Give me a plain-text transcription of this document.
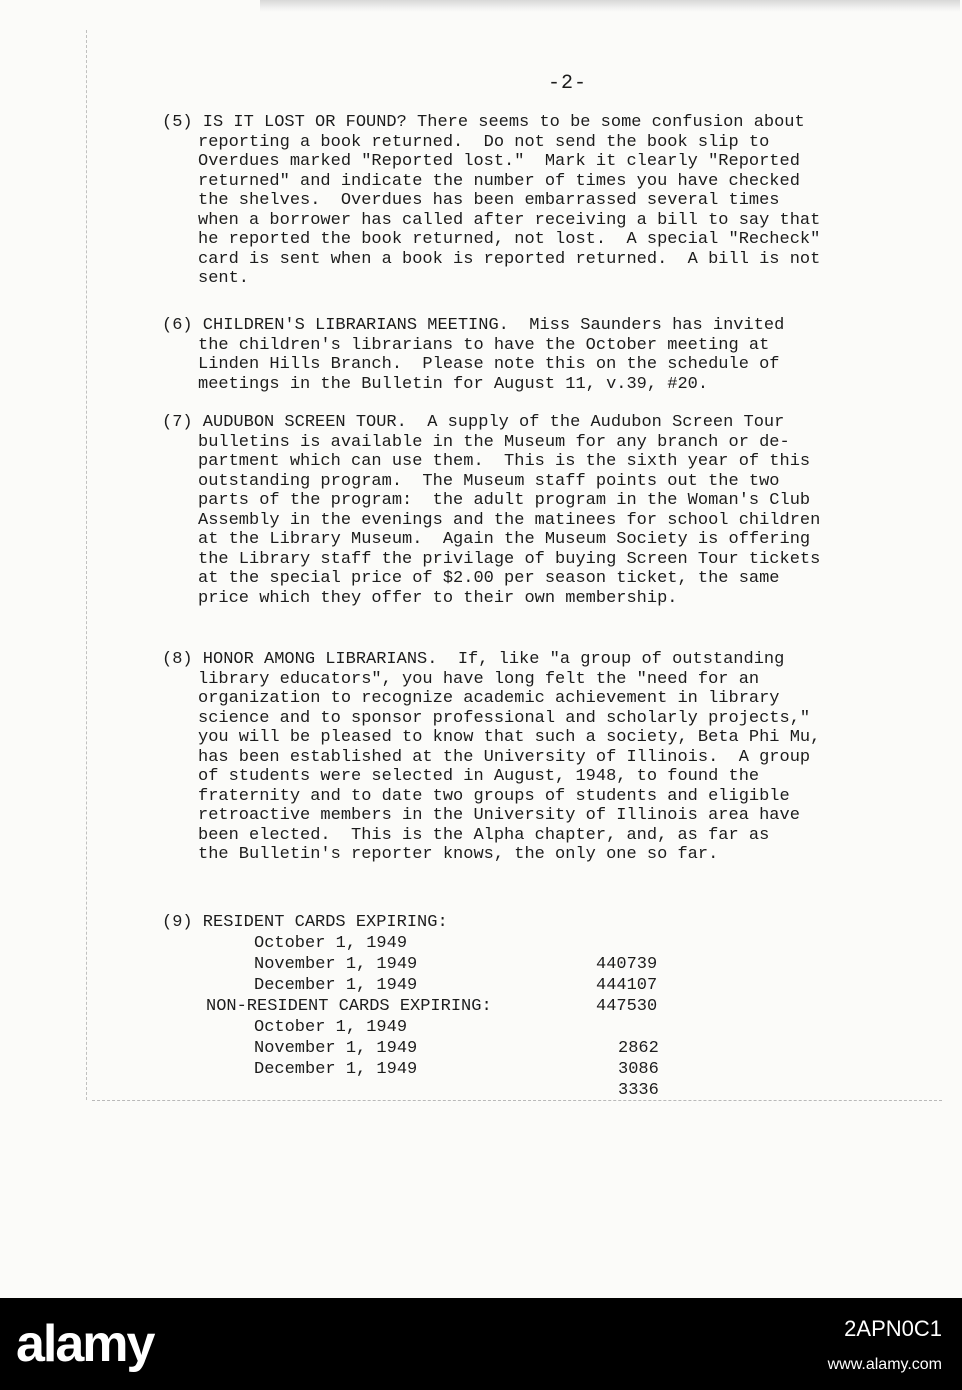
-2-
(5) IS IT LOST OR FOUND? There seems to be some confusion about
reporting a book returned.  Do not send the book slip to
Overdues marked "Reported lost."  Mark it clearly "Reported
returned" and indicate the number of times you have checked
the shelves.  Overdues has been embarrassed several times
when a borrower has called after receiving a bill to say that
he reported the book returned, not lost.  A special "Recheck"
card is sent when a book is reported returned.  A bill is not
sent.
(6) CHILDREN'S LIBRARIANS MEETING.  Miss Saunders has invited
the children's librarians to have the October meeting at
Linden Hills Branch.  Please note this on the schedule of
meetings in the Bulletin for August 11, v.39, #20.
(7) AUDUBON SCREEN TOUR.  A supply of the Audubon Screen Tour
bulletins is available in the Museum for any branch or de-
partment which can use them.  This is the sixth year of this
outstanding program.  The Museum staff points out the two
parts of the program:  the adult program in the Woman's Club
Assembly in the evenings and the matinees for school children
at the Library Museum.  Again the Museum Society is offering
the Library staff the privilage of buying Screen Tour tickets
at the special price of $2.00 per season ticket, the same
price which they offer to their own membership.
(8) HONOR AMONG LIBRARIANS.  If, like "a group of outstanding
library educators", you have long felt the "need for an
organization to recognize academic achievement in library
science and to sponsor professional and scholarly projects,"
you will be pleased to know that such a society, Beta Phi Mu,
has been established at the University of Illinois.  A group
of students were selected in August, 1948, to found the
fraternity and to date two groups of students and eligible
retroactive members in the University of Illinois area have
been elected.  This is the Alpha chapter, and, as far as
the Bulletin's reporter knows, the only one so far.

(9) RESIDENT CARDS EXPIRING:

October 1, 1949

440739

November 1, 1949

444107

December 1, 1949

447530

NON-RESIDENT CARDS EXPIRING:

October 1, 1949

2862

November 1, 1949

3086

December 1, 1949

3336

alamy	2APN0C1
www.alamy.com
